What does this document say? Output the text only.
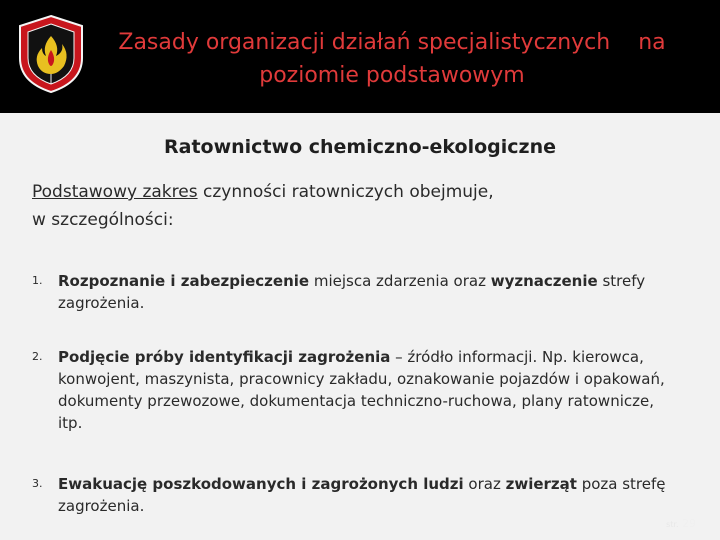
Zasady organizacji działań specjalistycznych    na
poziomie podstawowym
Ratownictwo chemiczno-ekologiczne
Podstawowy zakres czynności ratowniczych obejmuje,
w szczególności:
1. Rozpoznanie i zabezpieczenie miejsca zdarzenia oraz wyznaczenie strefy zagrożenia.
2. Podjęcie próby identyfikacji zagrożenia – źródło informacji. Np. kierowca, konwojent, maszynista, pracownicy zakładu, oznakowanie pojazdów i opakowań, dokumenty przewozowe, dokumentacja techniczno-ruchowa, plany ratownicze, itp.
3. Ewakuację poszkodowanych i zagrożonych ludzi oraz zwierząt poza strefę zagrożenia.
str. 29
